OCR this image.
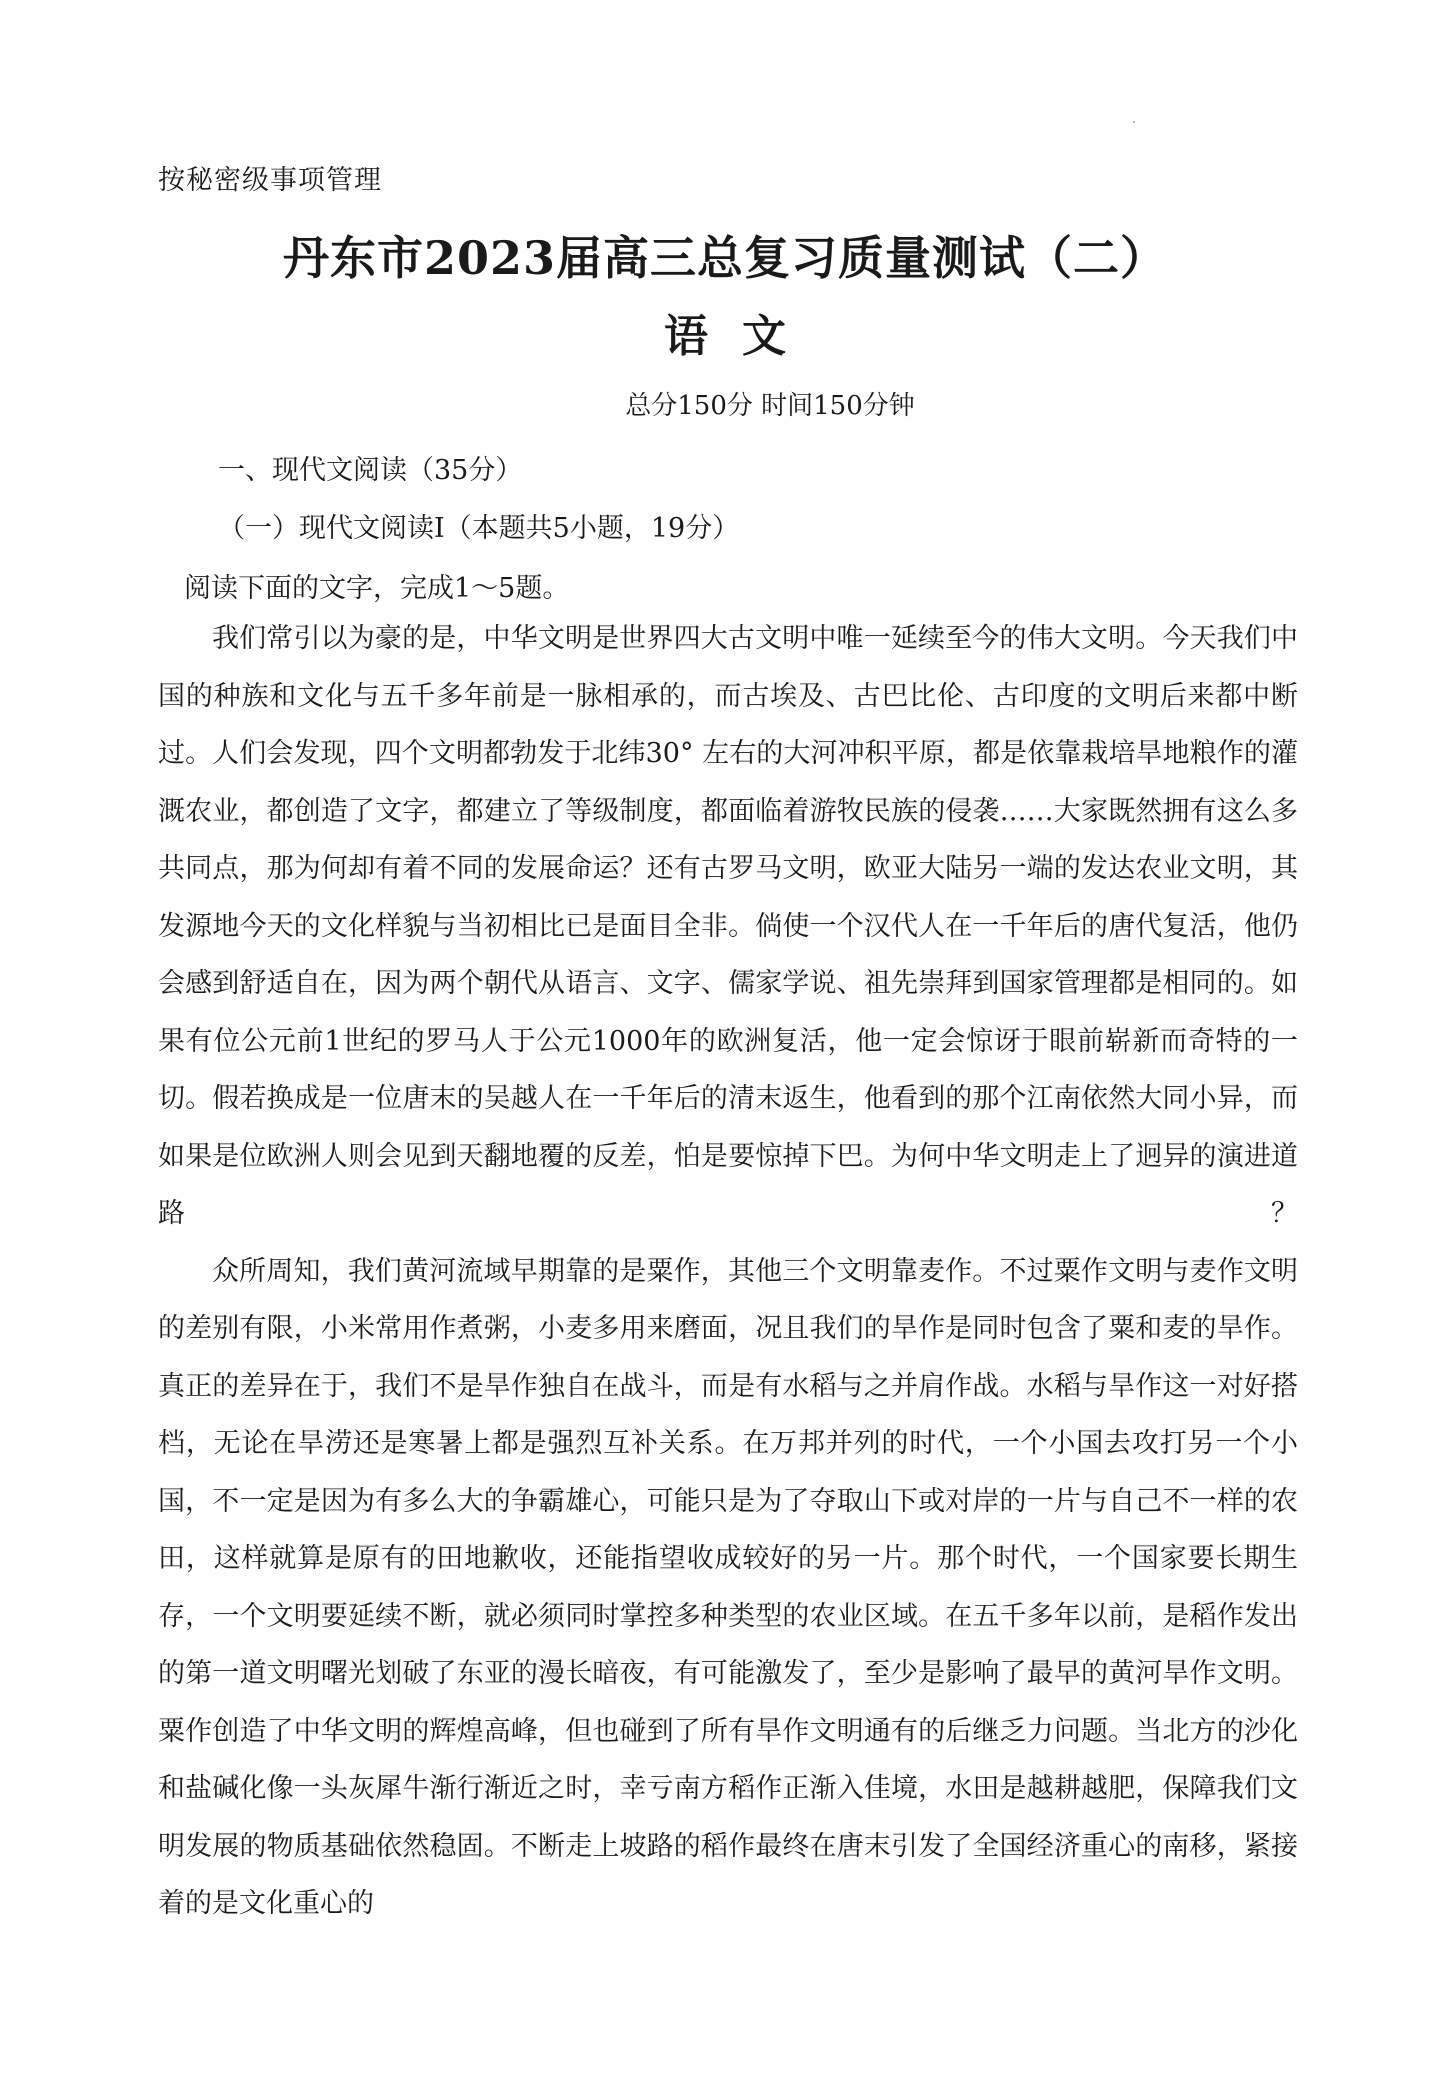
按秘密级事项管理
丹东市2023届高三总复习质量测试（二）
语文
总分150分 时间150分钟
一、现代文阅读（35分）
（一）现代文阅读I（本题共5小题，19分）
阅读下面的文字，完成1～5题。

我们常引以为豪的是，中华文明是世界四大古文明中唯一延续至今的伟大文明。今天我们中国的种族和文化与五千多年前是一脉相承的，而古埃及、古巴比伦、古印度的文明后来都中断过。人们会发现，四个文明都勃发于北纬30° 左右的大河冲积平原，都是依靠栽培旱地粮作的灌溉农业，都创造了文字，都建立了等级制度，都面临着游牧民族的侵袭……大家既然拥有这么多共同点，那为何却有着不同的发展命运？还有古罗马文明，欧亚大陆另一端的发达农业文明，其发源地今天的文化样貌与当初相比已是面目全非。倘使一个汉代人在一千年后的唐代复活，他仍会感到舒适自在，因为两个朝代从语言、文字、儒家学说、祖先崇拜到国家管理都是相同的。如果有位公元前1世纪的罗马人于公元1000年的欧洲复活，他一定会惊讶于眼前崭新而奇特的一切。假若换成是一位唐末的吴越人在一千年后的清末返生，他看到的那个江南依然大同小异，而如果是位欧洲人则会见到天翻地覆的反差，怕是要惊掉下巴。为何中华文明走上了迥异的演进道路？

众所周知，我们黄河流域早期靠的是粟作，其他三个文明靠麦作。不过粟作文明与麦作文明的差别有限，小米常用作煮粥，小麦多用来磨面，况且我们的旱作是同时包含了粟和麦的旱作。真正的差异在于，我们不是旱作独自在战斗，而是有水稻与之并肩作战。水稻与旱作这一对好搭档，无论在旱涝还是寒暑上都是强烈互补关系。在万邦并列的时代，一个小国去攻打另一个小国，不一定是因为有多么大的争霸雄心，可能只是为了夺取山下或对岸的一片与自己不一样的农田，这样就算是原有的田地歉收，还能指望收成较好的另一片。那个时代，一个国家要长期生存，一个文明要延续不断，就必须同时掌控多种类型的农业区域。在五千多年以前，是稻作发出的第一道文明曙光划破了东亚的漫长暗夜，有可能激发了，至少是影响了最早的黄河旱作文明。粟作创造了中华文明的辉煌高峰，但也碰到了所有旱作文明通有的后继乏力问题。当北方的沙化和盐碱化像一头灰犀牛渐行渐近之时，幸亏南方稻作正渐入佳境，水田是越耕越肥，保障我们文明发展的物质基础依然稳固。不断走上坡路的稻作最终在唐末引发了全国经济重心的南移，紧接着的是文化重心的
